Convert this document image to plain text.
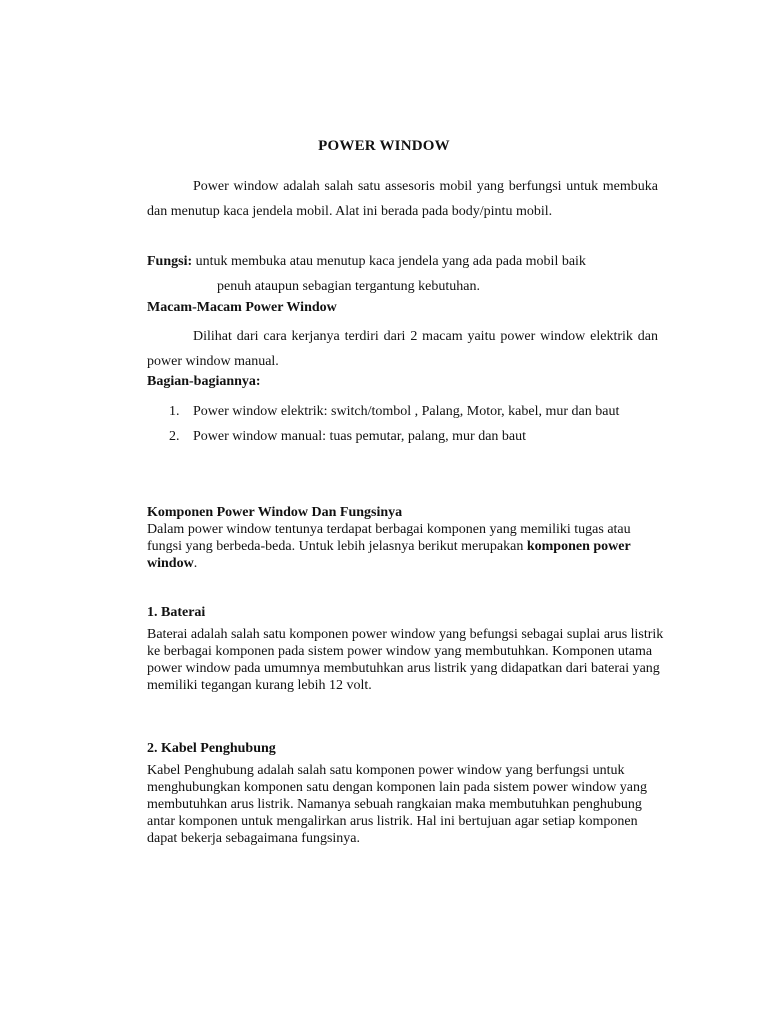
POWER WINDOW
Power window adalah salah satu assesoris mobil yang berfungsi untuk membuka dan menutup kaca jendela mobil. Alat ini berada pada body/pintu mobil.
Fungsi: untuk membuka atau menutup kaca jendela yang ada pada mobil baik
penuh ataupun sebagian tergantung kebutuhan.
Macam-Macam Power Window
Dilihat dari cara kerjanya terdiri dari 2 macam yaitu power window elektrik dan power window manual.
Bagian-bagiannya:
1. Power window elektrik: switch/tombol , Palang, Motor, kabel, mur dan baut
2. Power window manual: tuas pemutar, palang, mur dan baut
Komponen Power Window Dan Fungsinya
Dalam power window tentunya terdapat berbagai komponen yang memiliki tugas atau fungsi yang berbeda-beda. Untuk lebih jelasnya berikut merupakan komponen power window.
1. Baterai
Baterai adalah salah satu komponen power window yang befungsi sebagai suplai arus listrik ke berbagai komponen pada sistem power window yang membutuhkan. Komponen utama power window pada umumnya membutuhkan arus listrik yang didapatkan dari baterai yang memiliki tegangan kurang lebih 12 volt.
2. Kabel Penghubung
Kabel Penghubung adalah salah satu komponen power window yang berfungsi untuk menghubungkan komponen satu dengan komponen lain pada sistem power window yang membutuhkan arus listrik. Namanya sebuah rangkaian maka membutuhkan penghubung antar komponen untuk mengalirkan arus listrik. Hal ini bertujuan agar setiap komponen dapat bekerja sebagaimana fungsinya.
